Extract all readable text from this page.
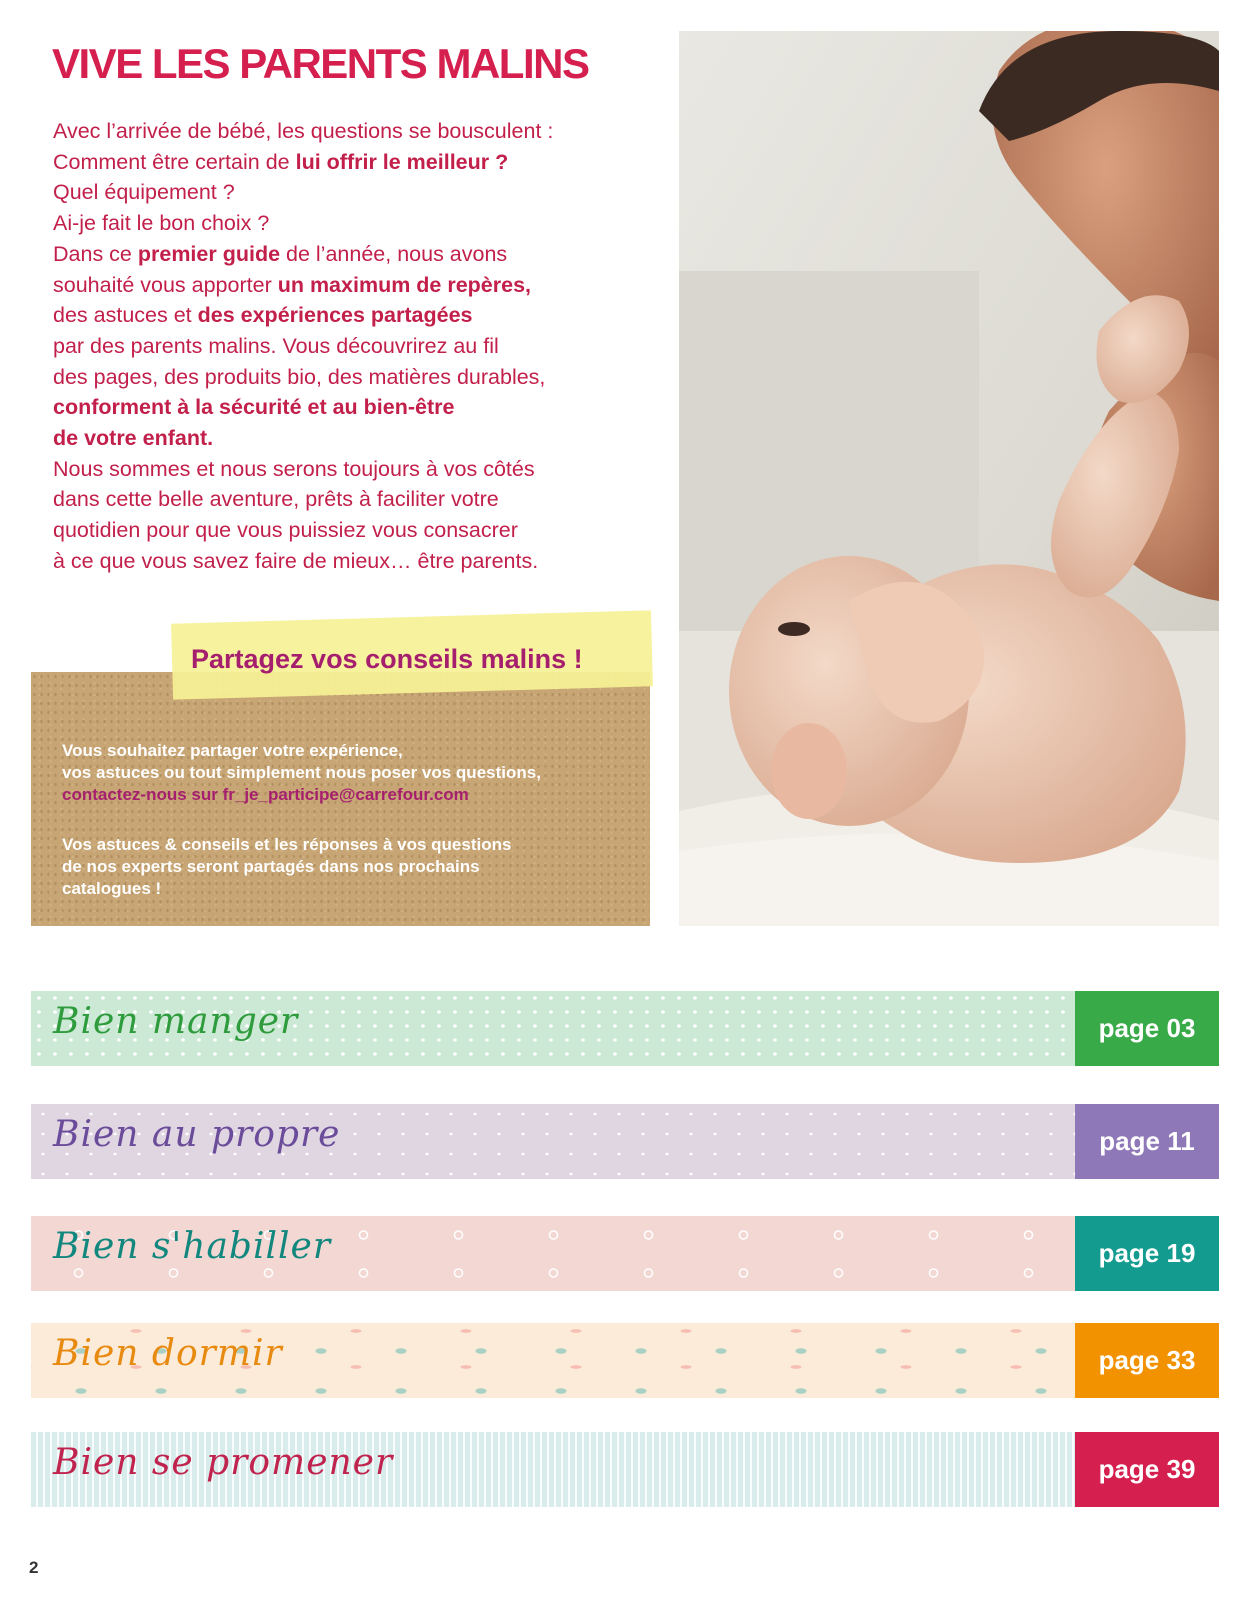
VIVE LES PARENTS MALINS
Avec l’arrivée de bébé, les questions se bousculent :
Comment être certain de lui offrir le meilleur ?
Quel équipement ?
Ai-je fait le bon choix ?
Dans ce premier guide de l’année, nous avons
souhaité vous apporter un maximum de repères,
des astuces et des expériences partagées
par des parents malins. Vous découvrirez au fil
des pages, des produits bio, des matières durables,
conforment à la sécurité et au bien-être
de votre enfant.
Nous sommes et nous serons toujours à vos côtés
dans cette belle aventure, prêts à faciliter votre
quotidien pour que vous puissiez vous consacrer
à ce que vous savez faire de mieux… être parents.
Partagez vos conseils malins !
Vous souhaitez partager votre expérience,
vos astuces ou tout simplement nous poser vos questions,
contactez-nous sur fr_je_participe@carrefour.com
Vos astuces & conseils et les réponses à vos questions
de nos experts seront partagés dans nos prochains
catalogues !
Bien manger	page 03
Bien au propre	page 11
Bien s'habiller	page 19
Bien dormir	page 33
Bien se promener	page 39
2
